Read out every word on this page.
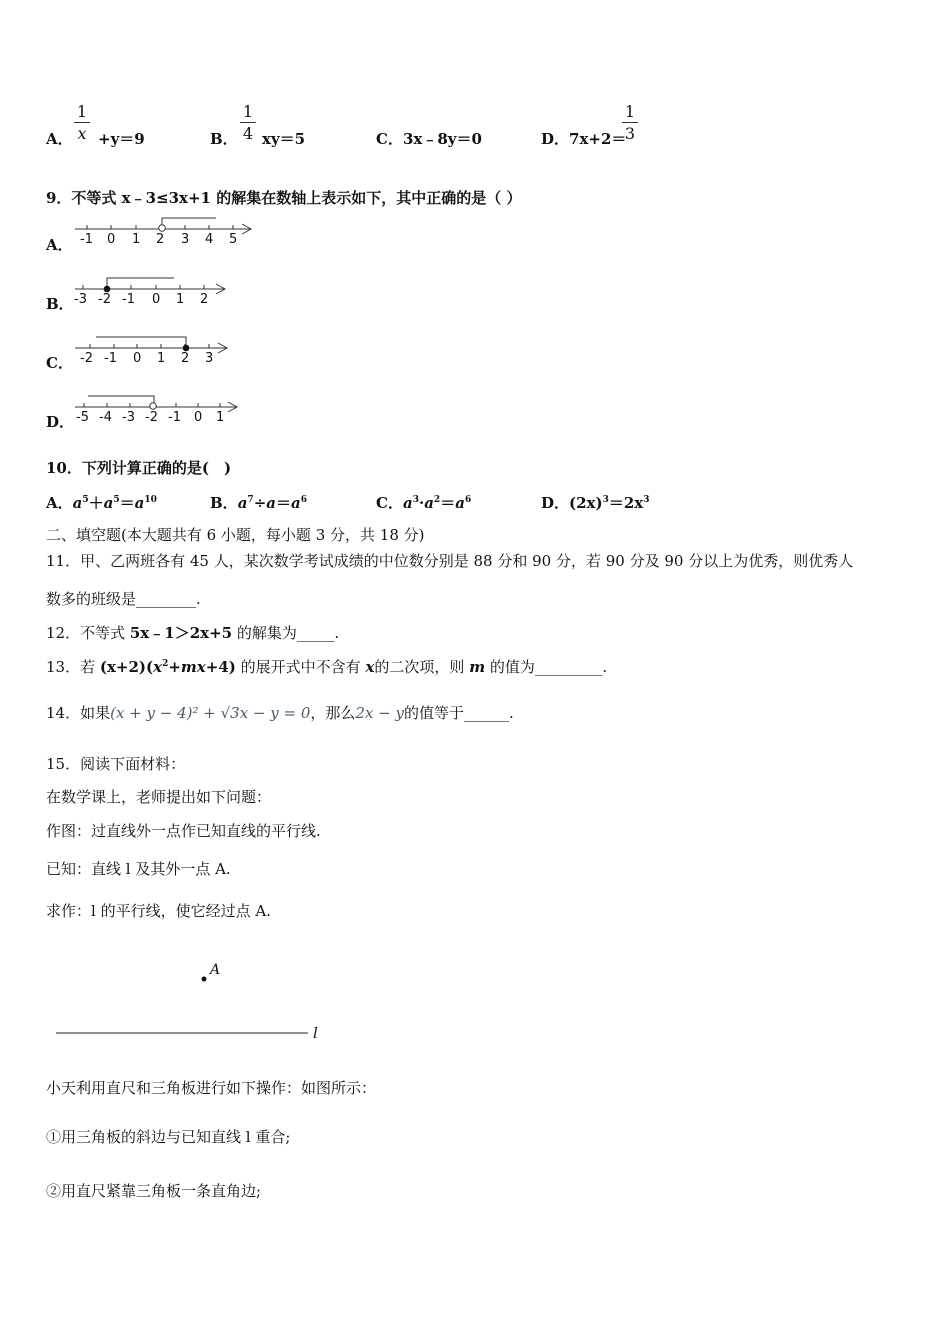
A．
1
x +y＝9	B．
1
4 xy＝5	C．3x﹣8y＝0	D．7x+2＝
1
3
9．不等式 x﹣3≤3x+1 的解集在数轴上表示如下，其中正确的是（ ）
A． -1 0 1 2 3 4 5
B． -3 -2 -1 0 1 2
C． -2 -1 0 1 2 3
D． -5 -4 -3 -2 -1 0 1
10．下列计算正确的是(　)
A．$a^5+a^5=a^{10}$	B．$a^7\div a=a^6$	C．$a^3\cdot a^2=a^6$	D．$(2x)^3=2x^3$
二、填空题(本大题共有 6 小题，每小题 3 分，共 18 分)
11．甲、乙两班各有 45 人，某次数学考试成绩的中位数分别是 88 分和 90 分，若 90 分及 90 分以上为优秀，则优秀人
数多的班级是________.
12．不等式 5x﹣1＞2x+5 的解集为_____.
13．若 $(x+2)(x^2+mx+4)$ 的展开式中不含有 x的二次项，则 m 的值为_________.
14．如果(x + y − 4)² + √3x − y = 0，那么2x − y的值等于______.
15．阅读下面材料：
在数学课上，老师提出如下问题：
作图：过直线外一点作已知直线的平行线.
已知：直线 l 及其外一点 A.
求作：l 的平行线，使它经过点 A.
A
l
小天利用直尺和三角板进行如下操作：如图所示：
①用三角板的斜边与已知直线 l 重合;
②用直尺紧靠三角板一条直角边;
